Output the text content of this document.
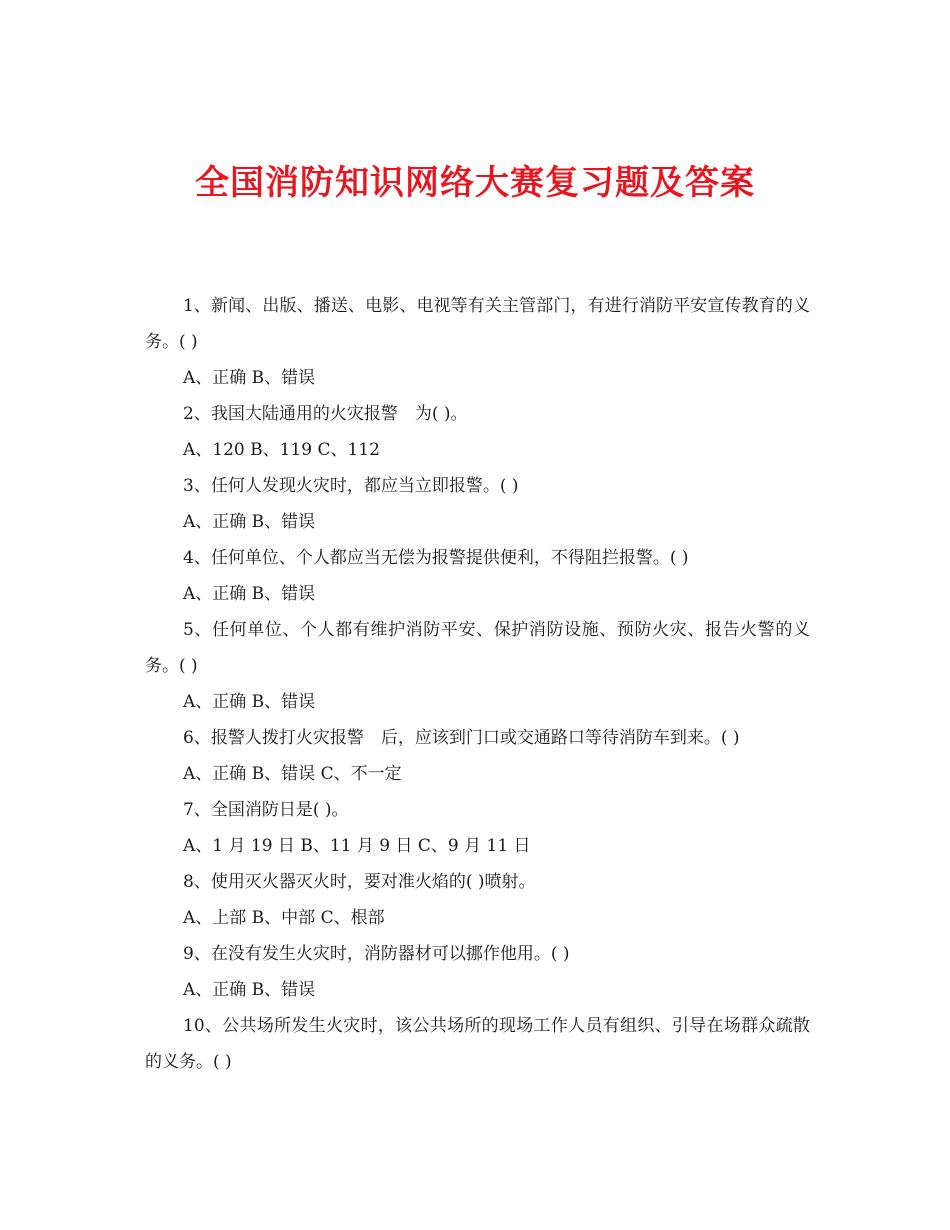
全国消防知识网络大赛复习题及答案

1、新闻、出版、播送、电影、电视等有关主管部门，有进行消防平安宣传教育的义务。( )

A、正确 B、错误

2、我国大陆通用的火灾报警　为( )。

A、120 B、119 C、112

3、任何人发现火灾时，都应当立即报警。( )

A、正确 B、错误

4、任何单位、个人都应当无偿为报警提供便利，不得阻拦报警。( )

A、正确 B、错误

5、任何单位、个人都有维护消防平安、保护消防设施、预防火灾、报告火警的义务。( )

A、正确 B、错误

6、报警人拨打火灾报警　后，应该到门口或交通路口等待消防车到来。( )

A、正确 B、错误 C、不一定

7、全国消防日是( )。

A、1 月 19 日 B、11 月 9 日 C、9 月 11 日

8、使用灭火器灭火时，要对准火焰的( )喷射。

A、上部 B、中部 C、根部

9、在没有发生火灾时，消防器材可以挪作他用。( )

A、正确 B、错误

10、公共场所发生火灾时，该公共场所的现场工作人员有组织、引导在场群众疏散的义务。( )
